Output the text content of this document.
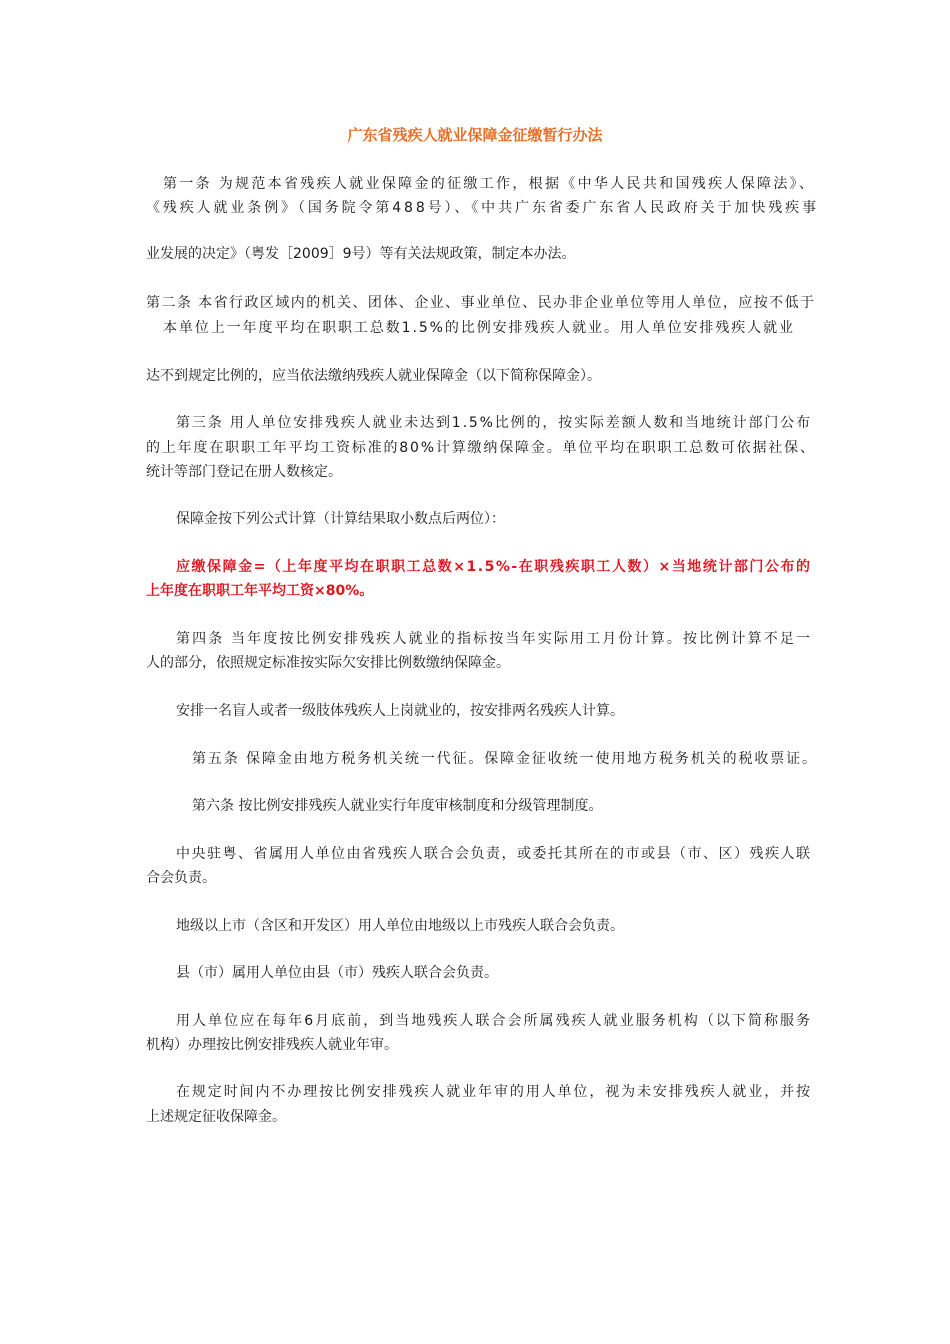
广东省残疾人就业保障金征缴暂行办法
第一条 为规范本省残疾人就业保障金的征缴工作，根据《中华人民共和国残疾人保障法》、
《残疾人就业条例》（国务院令第488号）、《中共广东省委广东省人民政府关于加快残疾事
业发展的决定》（粤发［2009］9号）等有关法规政策，制定本办法。
第二条 本省行政区域内的机关、团体、企业、事业单位、民办非企业单位等用人单位，应按不低于
本单位上一年度平均在职职工总数1.5%的比例安排残疾人就业。用人单位安排残疾人就业
达不到规定比例的，应当依法缴纳残疾人就业保障金（以下简称保障金）。
第三条 用人单位安排残疾人就业未达到1.5%比例的，按实际差额人数和当地统计部门公布
的上年度在职职工年平均工资标准的80%计算缴纳保障金。单位平均在职职工总数可依据社保、
统计等部门登记在册人数核定。
保障金按下列公式计算（计算结果取小数点后两位）：
应缴保障金=（上年度平均在职职工总数×1.5%-在职残疾职工人数）×当地统计部门公布的
上年度在职职工年平均工资×80%。
第四条 当年度按比例安排残疾人就业的指标按当年实际用工月份计算。按比例计算不足一
人的部分，依照规定标准按实际欠安排比例数缴纳保障金。
安排一名盲人或者一级肢体残疾人上岗就业的，按安排两名残疾人计算。
第五条 保障金由地方税务机关统一代征。保障金征收统一使用地方税务机关的税收票证。
第六条 按比例安排残疾人就业实行年度审核制度和分级管理制度。
中央驻粤、省属用人单位由省残疾人联合会负责，或委托其所在的市或县（市、区）残疾人联
合会负责。
地级以上市（含区和开发区）用人单位由地级以上市残疾人联合会负责。
县（市）属用人单位由县（市）残疾人联合会负责。
用人单位应在每年6月底前，到当地残疾人联合会所属残疾人就业服务机构（以下简称服务
机构）办理按比例安排残疾人就业年审。
在规定时间内不办理按比例安排残疾人就业年审的用人单位，视为未安排残疾人就业，并按
上述规定征收保障金。
